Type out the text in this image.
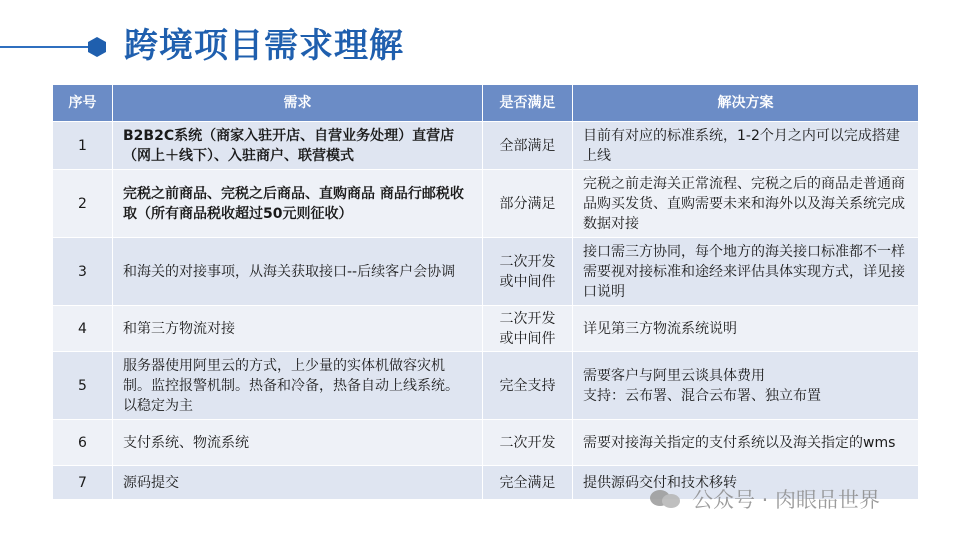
跨境项目需求理解
序号	需求	是否满足	解决方案
1	B2B2C系统（商家入驻开店、自营业务处理）直营店（网上＋线下）、入驻商户、联营模式	全部满足	目前有对应的标准系统，1-2个月之内可以完成搭建上线
2	完税之前商品、完税之后商品、直购商品 商品行邮税收取（所有商品税收超过50元则征收）	部分满足	完税之前走海关正常流程、完税之后的商品走普通商品购买发货、直购需要未来和海外以及海关系统完成数据对接
3	和海关的对接事项，从海关获取接口--后续客户会协调	二次开发或中间件	接口需三方协同，每个地方的海关接口标准都不一样需要视对接标准和途经来评估具体实现方式，详见接口说明
4	和第三方物流对接	二次开发或中间件	详见第三方物流系统说明
5	服务器使用阿里云的方式，上少量的实体机做容灾机制。监控报警机制。热备和冷备，热备自动上线系统。以稳定为主	完全支持	需要客户与阿里云谈具体费用
支持：云布署、混合云布署、独立布置
6	支付系统、物流系统	二次开发	需要对接海关指定的支付系统以及海关指定的wms
7	源码提交	完全满足	提供源码交付和技术移转
公众号 · 肉眼品世界
